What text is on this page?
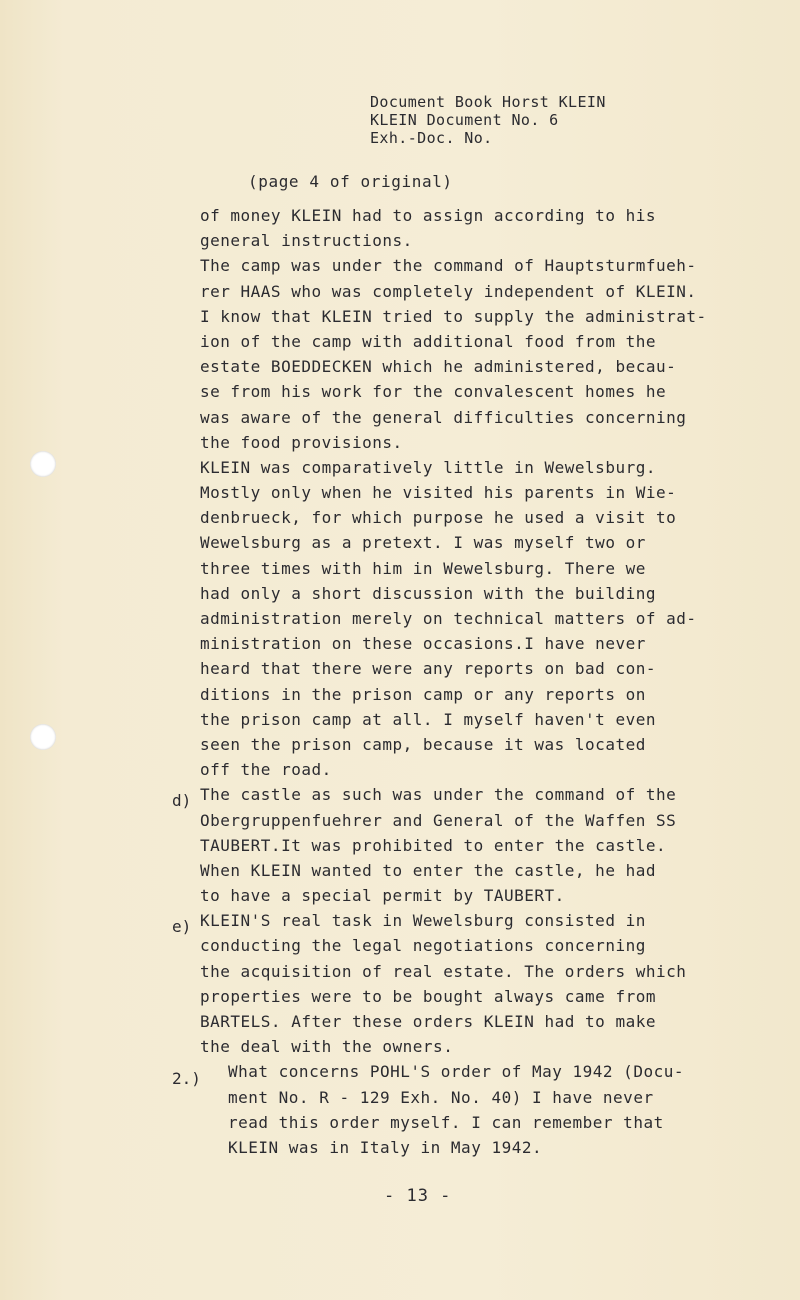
Document Book Horst KLEIN
KLEIN Document No. 6
Exh.-Doc. No.
(page 4 of original)
d)
e)
2.)
of money KLEIN had to assign according to his
general instructions.
The camp was under the command of Hauptsturmfueh-
rer HAAS who was completely independent of KLEIN.
I know that KLEIN tried to supply the administrat-
ion of the camp with additional food from the
estate BOEDDECKEN which he administered, becau-
se from his work for the convalescent homes he
was aware of the general difficulties concerning
the food provisions.
KLEIN was comparatively little in Wewelsburg.
Mostly only when he visited his parents in Wie-
denbrueck, for which purpose he used a visit to
Wewelsburg as a pretext. I was myself two or
three times with him in Wewelsburg. There we
had only a short discussion with the building
administration merely on technical matters of ad-
ministration on these occasions.I have never
heard that there were any reports on bad con-
ditions in the prison camp or any reports on
the prison camp at all. I myself haven't even
seen the prison camp, because it was located
off the road.
The castle as such was under the command of the
Obergruppenfuehrer and General of the Waffen SS
TAUBERT.It was prohibited to enter the castle.
When KLEIN wanted to enter the castle, he had
to have a special permit by TAUBERT.
KLEIN'S real task in Wewelsburg consisted in
conducting the legal negotiations concerning
the acquisition of real estate. The orders which
properties were to be bought always came from
BARTELS. After these orders KLEIN had to make
the deal with the owners.
What concerns POHL'S order of May 1942 (Docu-
ment No. R - 129 Exh. No. 40) I have never
read this order myself. I can remember that
KLEIN was in Italy in May 1942.
- 13 -
